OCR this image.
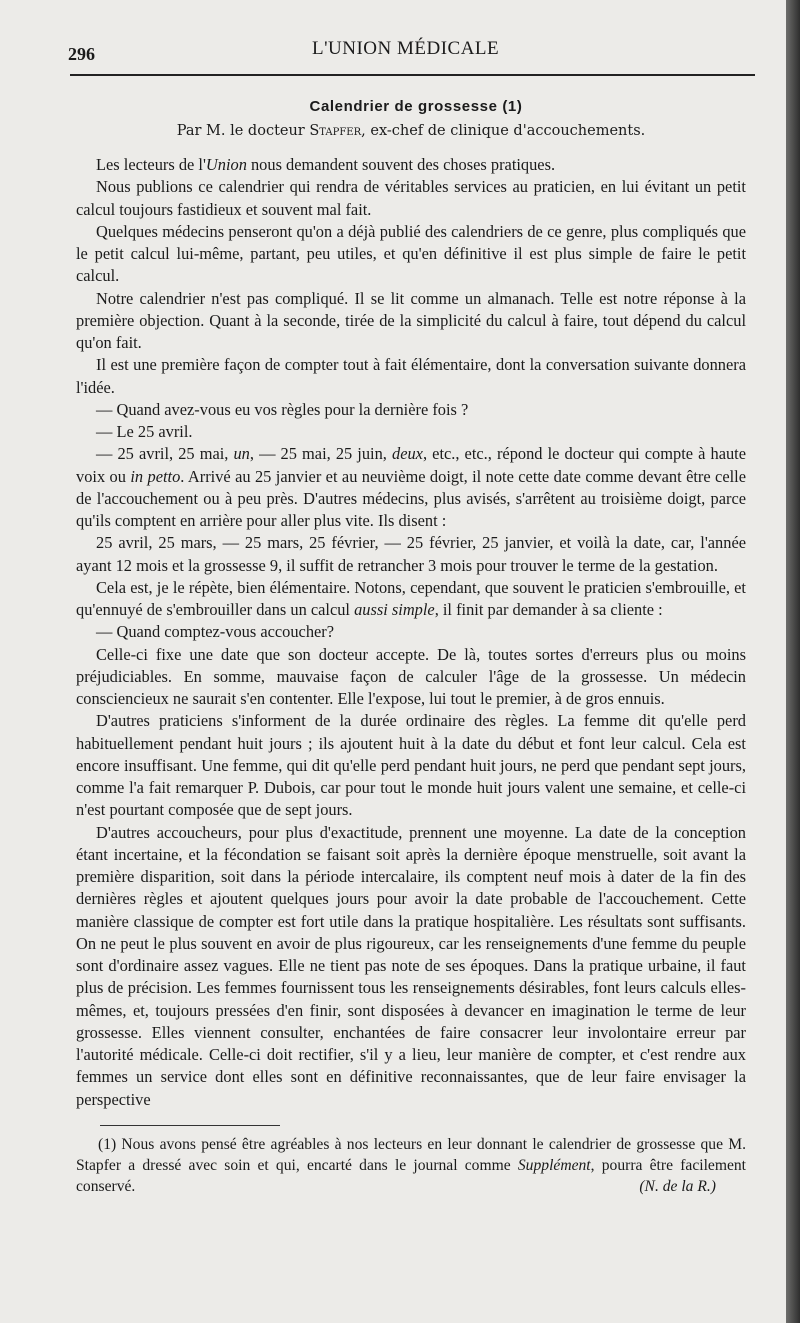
296	L'UNION MÉDICALE
Calendrier de grossesse (1)
Par M. le docteur Stapfer, ex-chef de clinique d'accouchements.

Les lecteurs de l'Union nous demandent souvent des choses pratiques.

Nous publions ce calendrier qui rendra de véritables services au praticien, en lui évitant un petit calcul toujours fastidieux et souvent mal fait.

Quelques médecins penseront qu'on a déjà publié des calendriers de ce genre, plus compliqués que le petit calcul lui-même, partant, peu utiles, et qu'en définitive il est plus simple de faire le petit calcul.

Notre calendrier n'est pas compliqué. Il se lit comme un almanach. Telle est notre réponse à la première objection. Quant à la seconde, tirée de la simplicité du calcul à faire, tout dépend du calcul qu'on fait.

Il est une première façon de compter tout à fait élémentaire, dont la conversation suivante donnera l'idée.

— Quand avez-vous eu vos règles pour la dernière fois ?

— Le 25 avril.

— 25 avril, 25 mai, un, — 25 mai, 25 juin, deux, etc., etc., répond le docteur qui compte à haute voix ou in petto. Arrivé au 25 janvier et au neuvième doigt, il note cette date comme devant être celle de l'accouchement ou à peu près. D'autres médecins, plus avisés, s'arrêtent au troisième doigt, parce qu'ils comptent en arrière pour aller plus vite. Ils disent :

25 avril, 25 mars, — 25 mars, 25 février, — 25 février, 25 janvier, et voilà la date, car, l'année ayant 12 mois et la grossesse 9, il suffit de retrancher 3 mois pour trouver le terme de la gestation.

Cela est, je le répète, bien élémentaire. Notons, cependant, que souvent le praticien s'embrouille, et qu'ennuyé de s'embrouiller dans un calcul aussi simple, il finit par demander à sa cliente :

— Quand comptez-vous accoucher?

Celle-ci fixe une date que son docteur accepte. De là, toutes sortes d'erreurs plus ou moins préjudiciables. En somme, mauvaise façon de calculer l'âge de la grossesse. Un médecin consciencieux ne saurait s'en contenter. Elle l'expose, lui tout le premier, à de gros ennuis.

D'autres praticiens s'informent de la durée ordinaire des règles. La femme dit qu'elle perd habituellement pendant huit jours ; ils ajoutent huit à la date du début et font leur calcul. Cela est encore insuffisant. Une femme, qui dit qu'elle perd pendant huit jours, ne perd que pendant sept jours, comme l'a fait remarquer P. Dubois, car pour tout le monde huit jours valent une semaine, et celle-ci n'est pourtant composée que de sept jours.

D'autres accoucheurs, pour plus d'exactitude, prennent une moyenne. La date de la conception étant incertaine, et la fécondation se faisant soit après la dernière époque menstruelle, soit avant la première disparition, soit dans la période intercalaire, ils comptent neuf mois à dater de la fin des dernières règles et ajoutent quelques jours pour avoir la date probable de l'accouchement. Cette manière classique de compter est fort utile dans la pratique hospitalière. Les résultats sont suffisants. On ne peut le plus souvent en avoir de plus rigoureux, car les renseignements d'une femme du peuple sont d'ordinaire assez vagues. Elle ne tient pas note de ses époques. Dans la pratique urbaine, il faut plus de précision. Les femmes fournissent tous les renseignements désirables, font leurs calculs elles-mêmes, et, toujours pressées d'en finir, sont disposées à devancer en imagination le terme de leur grossesse. Elles viennent consulter, enchantées de faire consacrer leur involontaire erreur par l'autorité médicale. Celle-ci doit rectifier, s'il y a lieu, leur manière de compter, et c'est rendre aux femmes un service dont elles sont en définitive reconnaissantes, que de leur faire envisager la perspective

(1) Nous avons pensé être agréables à nos lecteurs en leur donnant le calendrier de grossesse que M. Stapfer a dressé avec soin et qui, encarté dans le journal comme Supplément, pourra être facilement conservé.	(N. de la R.)
